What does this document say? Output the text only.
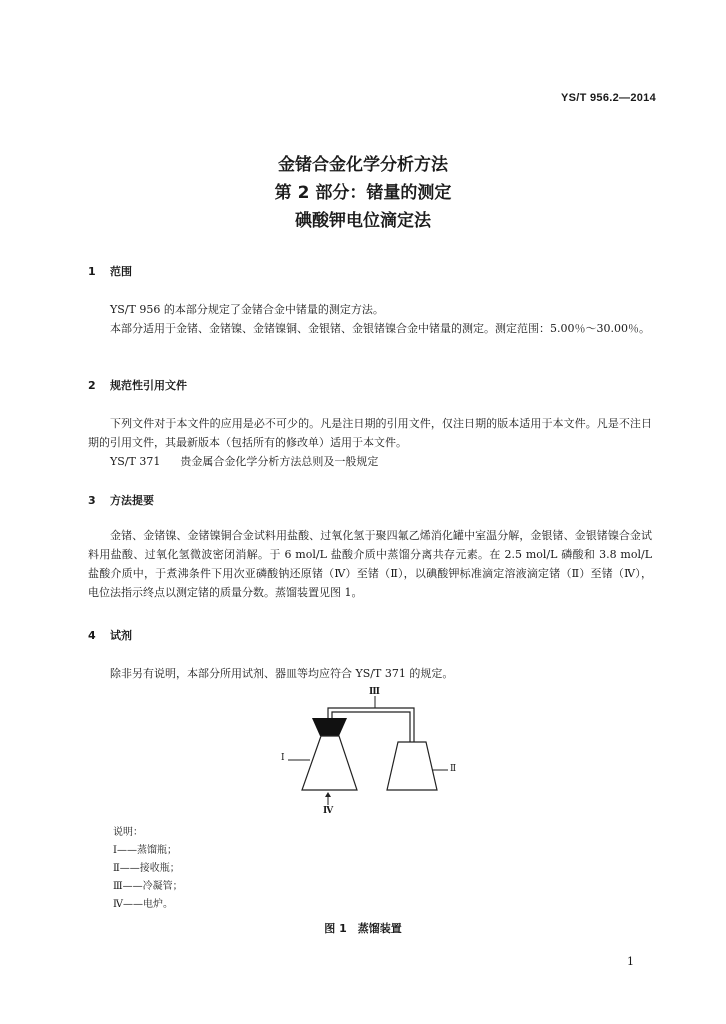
YS/T 956.2—2014
金锗合金化学分析方法
第 2 部分：锗量的测定
碘酸钾电位滴定法
1 范围

YS/T 956 的本部分规定了金锗合金中锗量的测定方法。

本部分适用于金锗、金锗镍、金锗镍铜、金银锗、金银锗镍合金中锗量的测定。测定范围：5.00％～30.00％。

2 规范性引用文件

下列文件对于本文件的应用是必不可少的。凡是注日期的引用文件，仅注日期的版本适用于本文件。凡是不注日期的引用文件，其最新版本（包括所有的修改单）适用于本文件。

YS/T 371 贵金属合金化学分析方法总则及一般规定
3 方法提要

金锗、金锗镍、金锗镍铜合金试料用盐酸、过氧化氢于聚四氟乙烯消化罐中室温分解，金银锗、金银锗镍合金试料用盐酸、过氧化氢微波密闭消解。于 6 mol/L 盐酸介质中蒸馏分离共存元素。在 2.5 mol/L 磷酸和 3.8 mol/L 盐酸介质中，于煮沸条件下用次亚磷酸钠还原锗（Ⅳ）至锗（Ⅱ），以碘酸钾标准滴定溶液滴定锗（Ⅱ）至锗（Ⅳ），电位法指示终点以测定锗的质量分数。蒸馏装置见图 1。

4 试剂

除非另有说明，本部分所用试剂、器皿等均应符合 YS/T 371 的规定。

Ⅲ
Ⅰ
Ⅱ
Ⅳ
说明：
Ⅰ——蒸馏瓶；
Ⅱ——接收瓶；
Ⅲ——冷凝管；
Ⅳ——电炉。
图 1　蒸馏装置
1
